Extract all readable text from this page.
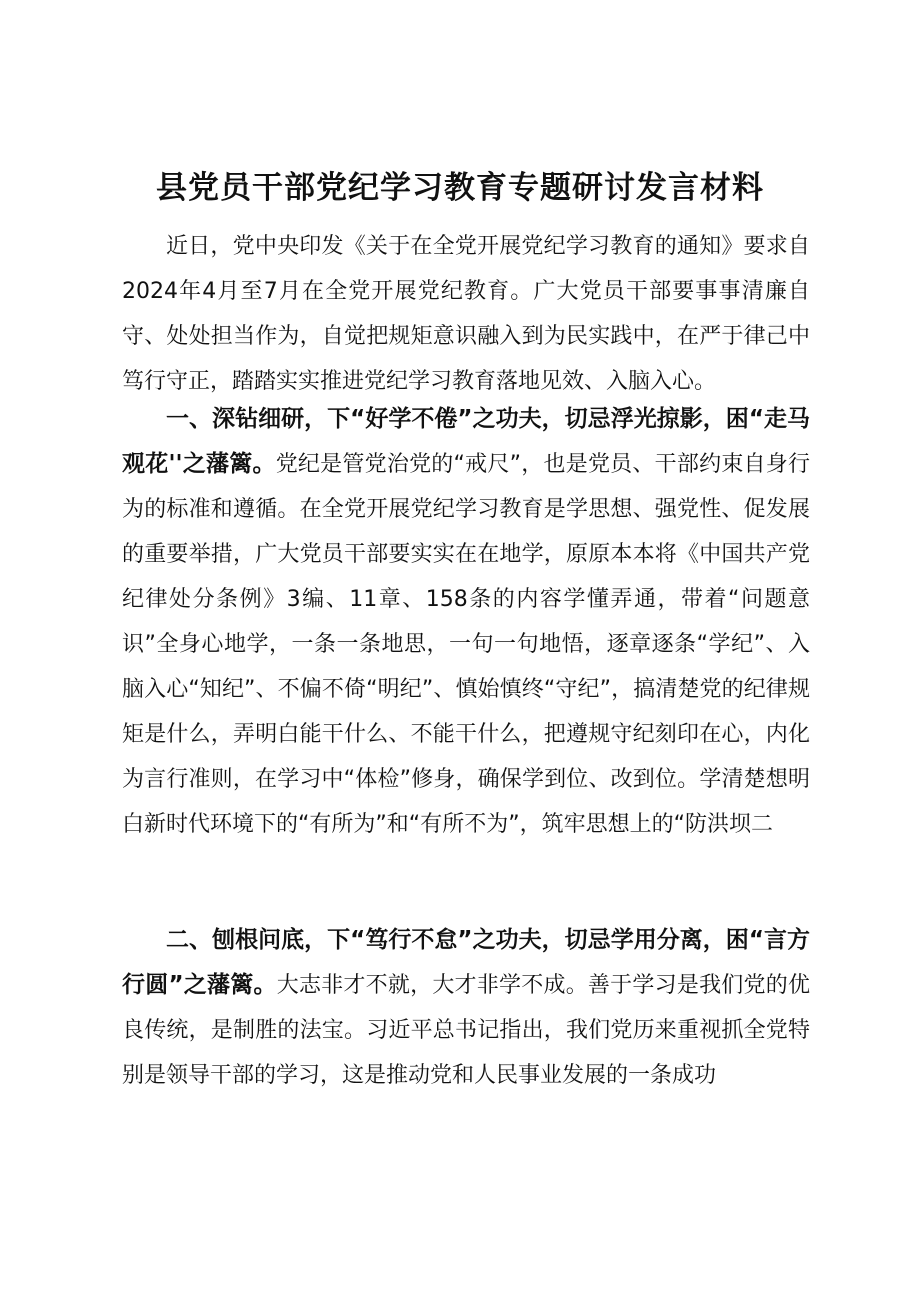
县党员干部党纪学习教育专题研讨发言材料

近日，党中央印发《关于在全党开展党纪学习教育的通知》要求自2024年4月至7月在全党开展党纪教育。广大党员干部要事事清廉自守、处处担当作为，自觉把规矩意识融入到为民实践中，在严于律己中笃行守正，踏踏实实推进党纪学习教育落地见效、入脑入心。

一、深钻细研，下“好学不倦”之功夫，切忌浮光掠影，困“走马观花''之藩篱。党纪是管党治党的“戒尺”，也是党员、干部约束自身行为的标准和遵循。在全党开展党纪学习教育是学思想、强党性、促发展的重要举措，广大党员干部要实实在在地学，原原本本将《中国共产党纪律处分条例》3编、11章、158条的内容学懂弄通，带着“问题意识”全身心地学，一条一条地思，一句一句地悟，逐章逐条“学纪”、入脑入心“知纪”、不偏不倚“明纪”、慎始慎终“守纪”，搞清楚党的纪律规矩是什么，弄明白能干什么、不能干什么，把遵规守纪刻印在心，内化为言行准则，在学习中“体检”修身，确保学到位、改到位。学清楚想明白新时代环境下的“有所为”和“有所不为”，筑牢思想上的“防洪坝二

二、刨根问底，下“笃行不怠”之功夫，切忌学用分离，困“言方行圆”之藩篱。大志非才不就，大才非学不成。善于学习是我们党的优良传统，是制胜的法宝。习近平总书记指出，我们党历来重视抓全党特别是领导干部的学习，这是推动党和人民事业发展的一条成功
